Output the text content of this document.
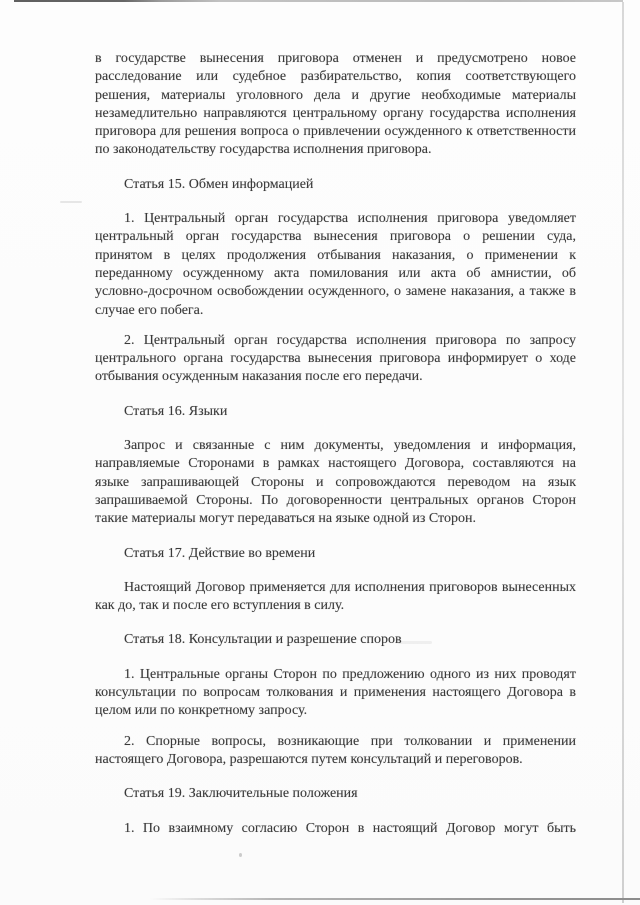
в государстве вынесения приговора отменен и предусмотрено новое расследование или судебное разбирательство, копия соответствующего решения, материалы уголовного дела и другие необходимые материалы незамедлительно направляются центральному органу государства исполнения приговора для решения вопроса о привлечении осужденного к ответственности по законодательству государства исполнения приговора.

Статья 15. Обмен информацией

1. Центральный орган государства исполнения приговора уведомляет центральный орган государства вынесения приговора о решении суда, принятом в целях продолжения отбывания наказания, о применении к переданному осужденному акта помилования или акта об амнистии, об условно-досрочном освобождении осужденного, о замене наказания, а также в случае его побега.

2. Центральный орган государства исполнения приговора по запросу центрального органа государства вынесения приговора информирует о ходе отбывания осужденным наказания после его передачи.

Статья 16. Языки

Запрос и связанные с ним документы, уведомления и информация, направляемые Сторонами в рамках настоящего Договора, составляются на языке запрашивающей Стороны и сопровождаются переводом на язык запрашиваемой Стороны. По договоренности центральных органов Сторон такие материалы могут передаваться на языке одной из Сторон.

Статья 17. Действие во времени

Настоящий Договор применяется для исполнения приговоров вынесенных как до, так и после его вступления в силу.

Статья 18. Консультации и разрешение споров

1. Центральные органы Сторон по предложению одного из них проводят консультации по вопросам толкования и применения настоящего Договора в целом или по конкретному запросу.

2. Спорные вопросы, возникающие при толковании и применении настоящего Договора, разрешаются путем консультаций и переговоров.

Статья 19. Заключительные положения

1. По взаимному согласию Сторон в настоящий Договор могут быть
